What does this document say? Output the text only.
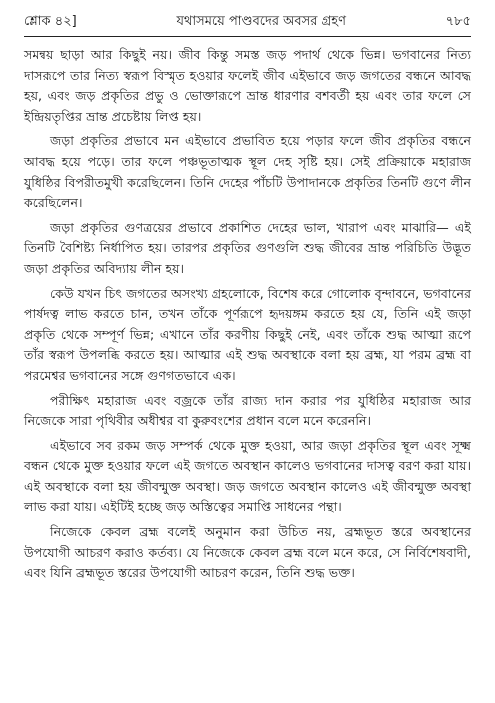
শ্লোক ৪২]	যথাসময়ে পাণ্ডবদের অবসর গ্রহণ	৭৮৫

সমন্বয় ছাড়া আর কিছুই নয়। জীব কিন্তু সমস্ত জড় পদার্থ থেকে ভিন্ন। ভগবানের নিত্য দাসরূপে তার নিত্য স্বরূপ বিস্মৃত হওয়ার ফলেই জীব এইভাবে জড় জগতের বন্ধনে আবদ্ধ হয়, এবং জড় প্রকৃতির প্রভু ও ভোক্তারূপে ভ্রান্ত ধারণার বশবর্তী হয় এবং তার ফলে সে ইন্দ্রিয়তৃপ্তির ভ্রান্ত প্রচেষ্টায় লিপ্ত হয়।

জড়া প্রকৃতির প্রভাবে মন এইভাবে প্রভাবিত হয়ে পড়ার ফলে জীব প্রকৃতির বন্ধনে আবদ্ধ হয়ে পড়ে। তার ফলে পঞ্চভূতাত্মক স্থূল দেহ সৃষ্টি হয়। সেই প্রক্রিয়াকে মহারাজ যুধিষ্ঠির বিপরীতমুখী করেছিলেন। তিনি দেহের পাঁচটি উপাদানকে প্রকৃতির তিনটি গুণে লীন করেছিলেন।

জড়া প্রকৃতির গুণত্রয়ের প্রভাবে প্রকাশিত দেহের ভাল, খারাপ এবং মাঝারি— এই তিনটি বৈশিষ্ট্য নির্ধাপিত হয়। তারপর প্রকৃতির গুণগুলি শুদ্ধ জীবের ভ্রান্ত পরিচিতি উদ্ভূত জড়া প্রকৃতির অবিদ্যায় লীন হয়।

কেউ যখন চিৎ জগতের অসংখ্য গ্রহলোকে, বিশেষ করে গোলোক বৃন্দাবনে, ভগবানের পার্ষদত্ব লাভ করতে চান, তখন তাঁকে পূর্ণরূপে হৃদয়ঙ্গম করতে হয় যে, তিনি এই জড়া প্রকৃতি থেকে সম্পূর্ণ ভিন্ন; এখানে তাঁর করণীয় কিছুই নেই, এবং তাঁকে শুদ্ধ আত্মা রূপে তাঁর স্বরূপ উপলব্ধি করতে হয়। আত্মার এই শুদ্ধ অবস্থাকে বলা হয় ব্রহ্ম, যা পরম ব্রহ্ম বা পরমেশ্বর ভগবানের সঙ্গে গুণগতভাবে এক।

পরীক্ষিৎ মহারাজ এবং বজ্রকে তাঁর রাজ্য দান করার পর যুধিষ্ঠির মহারাজ আর নিজেকে সারা পৃথিবীর অধীশ্বর বা কুরুবংশের প্রধান বলে মনে করেননি।

এইভাবে সব রকম জড় সম্পর্ক থেকে মুক্ত হওয়া, আর জড়া প্রকৃতির স্থূল এবং সূক্ষ্ম বন্ধন থেকে মুক্ত হওয়ার ফলে এই জগতে অবস্থান কালেও ভগবানের দাসত্ব বরণ করা যায়। এই অবস্থাকে বলা হয় জীবন্মুক্ত অবস্থা। জড় জগতে অবস্থান কালেও এই জীবন্মুক্ত অবস্থা লাভ করা যায়। এইটিই হচ্ছে জড় অস্তিত্বের সমাপ্তি সাধনের পন্থা।

নিজেকে কেবল ব্রহ্ম বলেই অনুমান করা উচিত নয়, ব্রহ্মভূত স্তরে অবস্থানের উপযোগী আচরণ করাও কর্তব্য। যে নিজেকে কেবল ব্রহ্ম বলে মনে করে, সে নির্বিশেষবাদী, এবং যিনি ব্রহ্মভূত স্তরের উপযোগী আচরণ করেন, তিনি শুদ্ধ ভক্ত।
